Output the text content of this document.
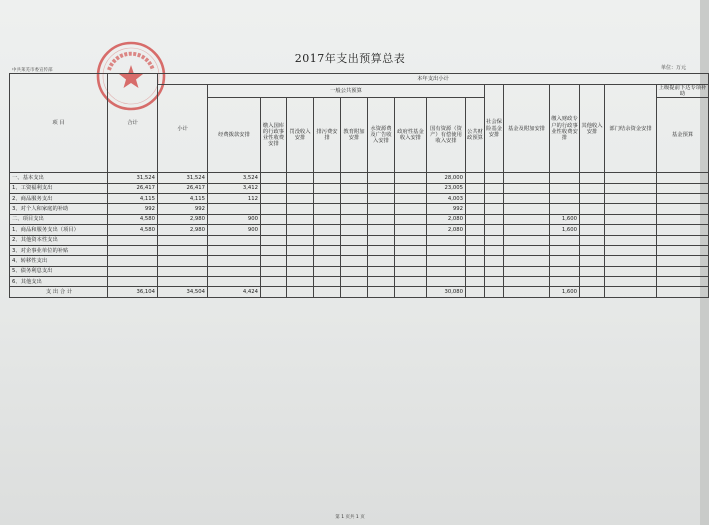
2017年支出预算总表
中共莱芜市委宣传部	单位：万元
项 目	合计	本年支出小计															
		小计	一般公共预算									社会保险基金安排	基金及附加安排	缴入财政专户的行政事业性收费安排	其他收入安排	部门结余资金安排	上级提前下达专项补助
			经费拨款安排	缴入国库的行政事业性收费安排	罚没收入安排	排污费安排	教育附加安排	水资源费及广告收入安排	政府性基金收入安排	国有资源（资产）有偿使用收入安排	公共财政预算						基金预算
一、基本支出	31,524	31,524	3,524							28,000							
1、工资福利支出	26,417	26,417	3,412							23,005							
2、商品服务支出	4,115	4,115	112							4,003							
3、对个人和家庭的补助	992	992								992							
二、项目支出	4,580	2,980	900							2,080				1,600			
1、商品和服务支出（项目）	4,580	2,980	900							2,080				1,600			
2、其他资本性支出																	
3、对企事业单位的补贴																	
4、转移性支出																	
5、债务利息支出																	
6、其他支出																	
支 出 合 计	36,104	34,504	4,424							30,080				1,600			
第 1 页共 1 页
